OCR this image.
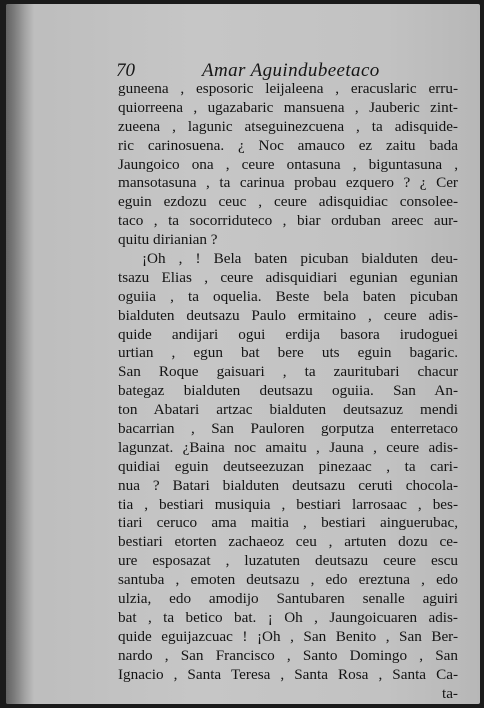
70	Amar Aguindubeetaco
guneena , esposoric leijaleena , eracuslaric erru-
quiorreena , ugazabaric mansuena , Jauberic zint-
zueena , lagunic atseguinezcuena , ta adisquide-
ric carinosuena. ¿ Noc amauco ez zaitu bada
Jaungoico ona , ceure ontasuna , biguntasuna ,
mansotasuna , ta carinua probau ezquero ? ¿ Cer
eguin ezdozu ceuc , ceure adisquidiac consolee-
taco , ta socorriduteco , biar orduban areec aur-
quitu dirianian ?
¡Oh , ! Bela baten picuban bialduten deu-
tsazu Elias , ceure adisquidiari egunian egunian
oguiia , ta oquelia. Beste bela baten picuban
bialduten deutsazu Paulo ermitaino , ceure adis-
quide andijari ogui erdija basora irudoguei
urtian , egun bat bere uts eguin bagaric.
San Roque gaisuari , ta zauritubari chacur
bategaz bialduten deutsazu oguiia. San An-
ton Abatari artzac bialduten deutsazuz mendi
bacarrian , San Pauloren gorputza enterretaco
lagunzat. ¿Baina noc amaitu , Jauna , ceure adis-
quidiai eguin deutseezuzan pinezaac , ta cari-
nua ? Batari bialduten deutsazu ceruti chocola-
tia , bestiari musiquia , bestiari larrosaac , bes-
tiari ceruco ama maitia , bestiari ainguerubac,
bestiari etorten zachaeoz ceu , artuten dozu ce-
ure esposazat , luzatuten deutsazu ceure escu
santuba , emoten deutsazu , edo ereztuna , edo
ulzia, edo amodijo Santubaren senalle aguiri
bat , ta betico bat. ¡ Oh , Jaungoicuaren adis-
quide eguijazcuac ! ¡Oh , San Benito , San Ber-
nardo , San Francisco , Santo Domingo , San
Ignacio , Santa Teresa , Santa Rosa , Santa Ca-
ta-
